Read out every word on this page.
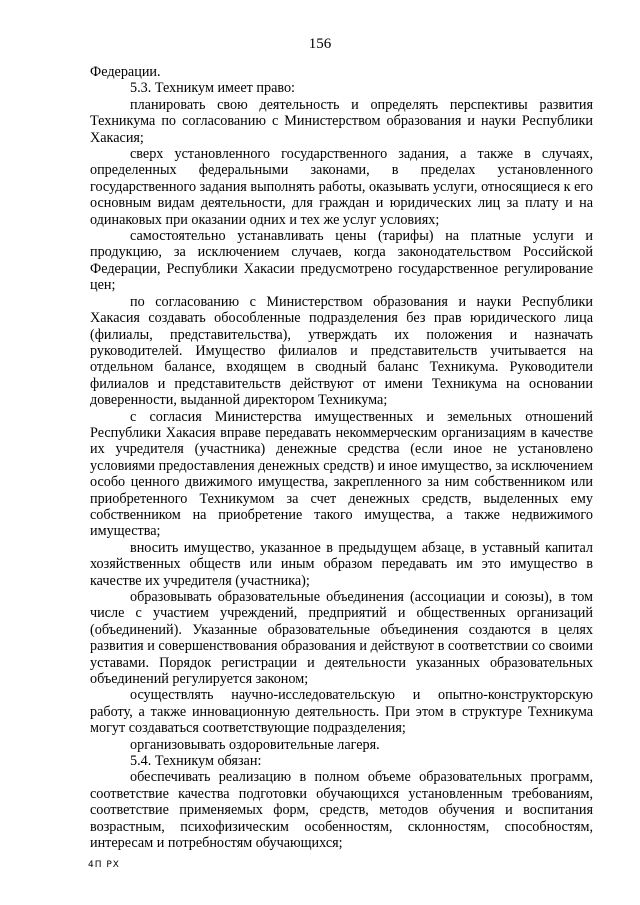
156

Федерации.

5.3. Техникум имеет право:

планировать свою деятельность и определять перспективы развития Техникума по согласованию с Министерством образования и науки Республики Хакасия;

сверх установленного государственного задания, а также в случаях, определенных федеральными законами, в пределах установленного государственного задания выполнять работы, оказывать услуги, относящиеся к его основным видам деятельности, для граждан и юридических лиц за плату и на одинаковых при оказании одних и тех же услуг условиях;

самостоятельно устанавливать цены (тарифы) на платные услуги и продукцию, за исключением случаев, когда законодательством Российской Федерации, Республики Хакасии предусмотрено государственное регулирование цен;

по согласованию с Министерством образования и науки Республики Хакасия создавать обособленные подразделения без прав юридического лица (филиалы, представительства), утверждать их положения и назначать руководителей. Имущество филиалов и представительств учитывается на отдельном балансе, входящем в сводный баланс Техникума. Руководители филиалов и представительств действуют от имени Техникума на основании доверенности, выданной директором Техникума;

с согласия Министерства имущественных и земельных отношений Республики Хакасия вправе передавать некоммерческим организациям в качестве их учредителя (участника) денежные средства (если иное не установлено условиями предоставления денежных средств) и иное имущество, за исключением особо ценного движимого имущества, закрепленного за ним собственником или приобретенного Техникумом за счет денежных средств, выделенных ему собственником на приобретение такого имущества, а также недвижимого имущества;

вносить имущество, указанное в предыдущем абзаце, в уставный капитал хозяйственных обществ или иным образом передавать им это имущество в качестве их учредителя (участника);

образовывать образовательные объединения (ассоциации и союзы), в том числе с участием учреждений, предприятий и общественных организаций (объединений). Указанные образовательные объединения создаются в целях развития и совершенствования образования и действуют в соответствии со своими уставами. Порядок регистрации и деятельности указанных образовательных объединений регулируется законом;

осуществлять научно-исследовательскую и опытно-конструкторскую работу, а также инновационную деятельность. При этом в структуре Техникума могут создаваться соответствующие подразделения;

организовывать оздоровительные лагеря.

5.4. Техникум обязан:

обеспечивать реализацию в полном объеме образовательных программ, соответствие качества подготовки обучающихся установленным требованиям, соответствие применяемых форм, средств, методов обучения и воспитания возрастным, психофизическим особенностям, склонностям, способностям, интересам и потребностям обучающихся;

4П РХ
